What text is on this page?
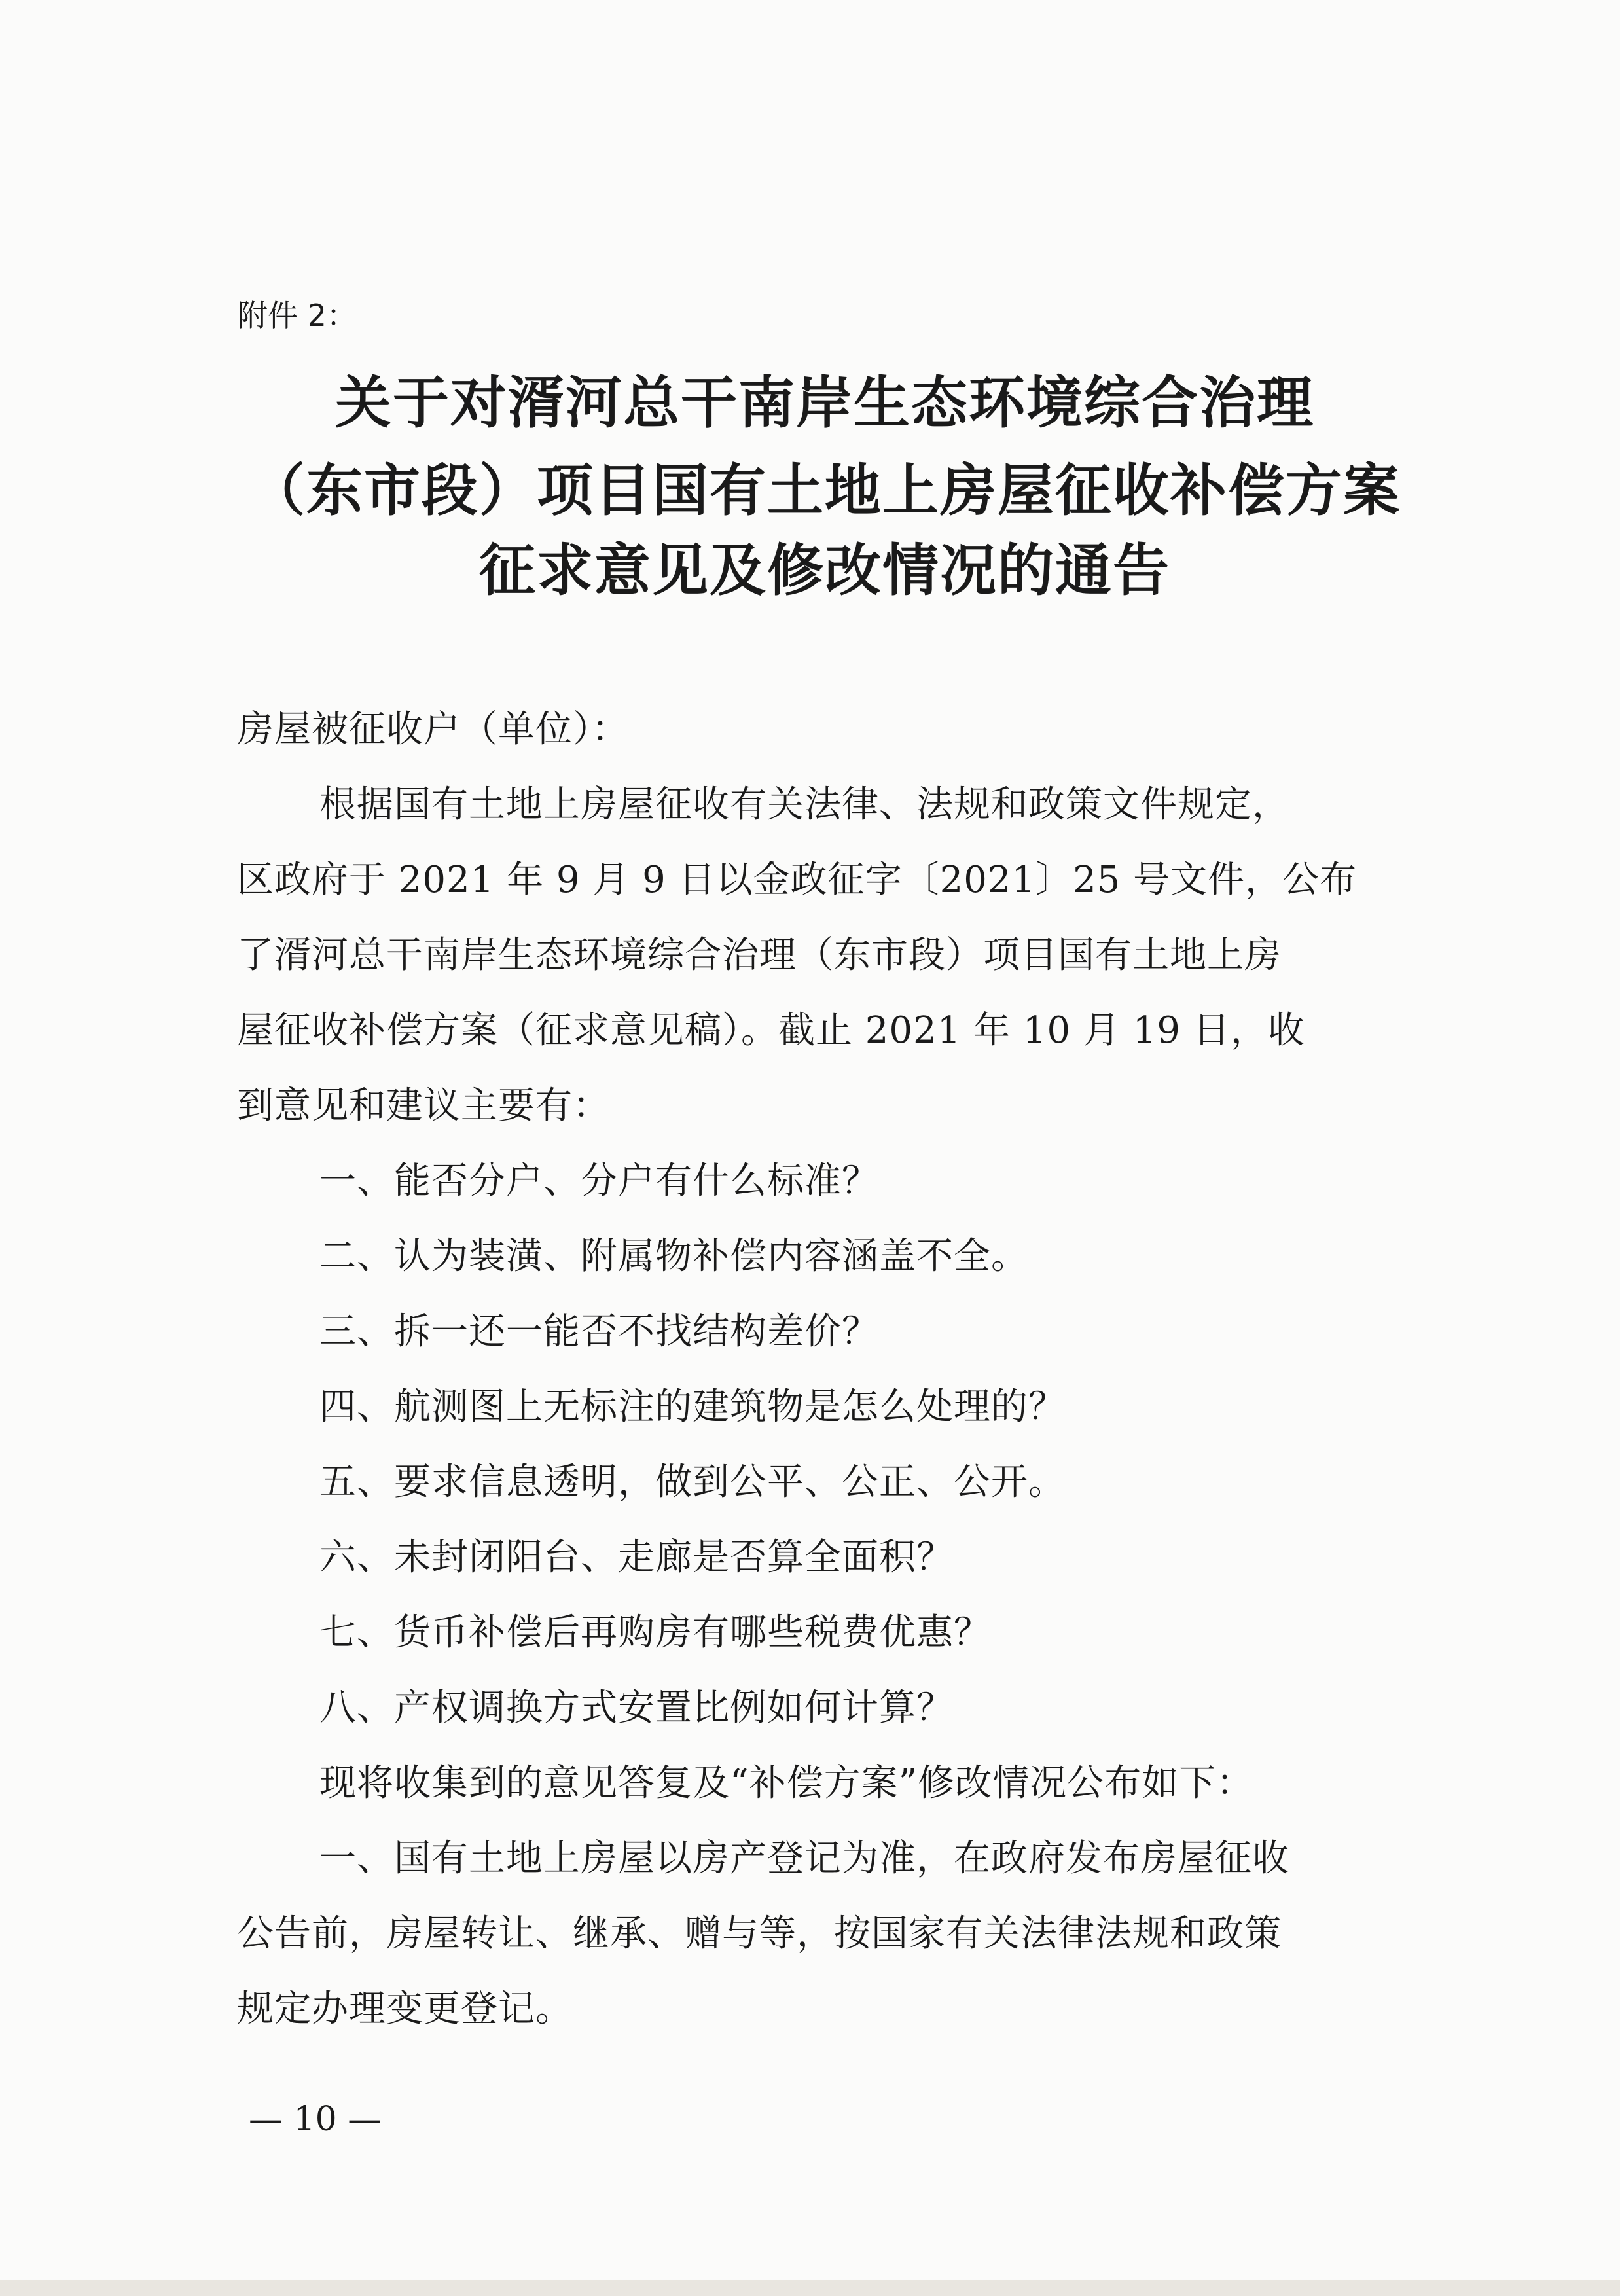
附件 2：
关于对湑河总干南岸生态环境综合治理
（东市段）项目国有土地上房屋征收补偿方案
征求意见及修改情况的通告
房屋被征收户（单位）：
根据国有土地上房屋征收有关法律、法规和政策文件规定，
区政府于 2021 年 9 月 9 日以金政征字〔2021〕25 号文件，公布
了湑河总干南岸生态环境综合治理（东市段）项目国有土地上房
屋征收补偿方案（征求意见稿）。截止 2021 年 10 月 19 日，收
到意见和建议主要有：
一、能否分户、分户有什么标准？
二、认为装潢、附属物补偿内容涵盖不全。
三、拆一还一能否不找结构差价？
四、航测图上无标注的建筑物是怎么处理的？
五、要求信息透明，做到公平、公正、公开。
六、未封闭阳台、走廊是否算全面积？
七、货币补偿后再购房有哪些税费优惠？
八、产权调换方式安置比例如何计算？
现将收集到的意见答复及“补偿方案”修改情况公布如下：
一、国有土地上房屋以房产登记为准，在政府发布房屋征收
公告前，房屋转让、继承、赠与等，按国家有关法律法规和政策
规定办理变更登记。
— 10 —
